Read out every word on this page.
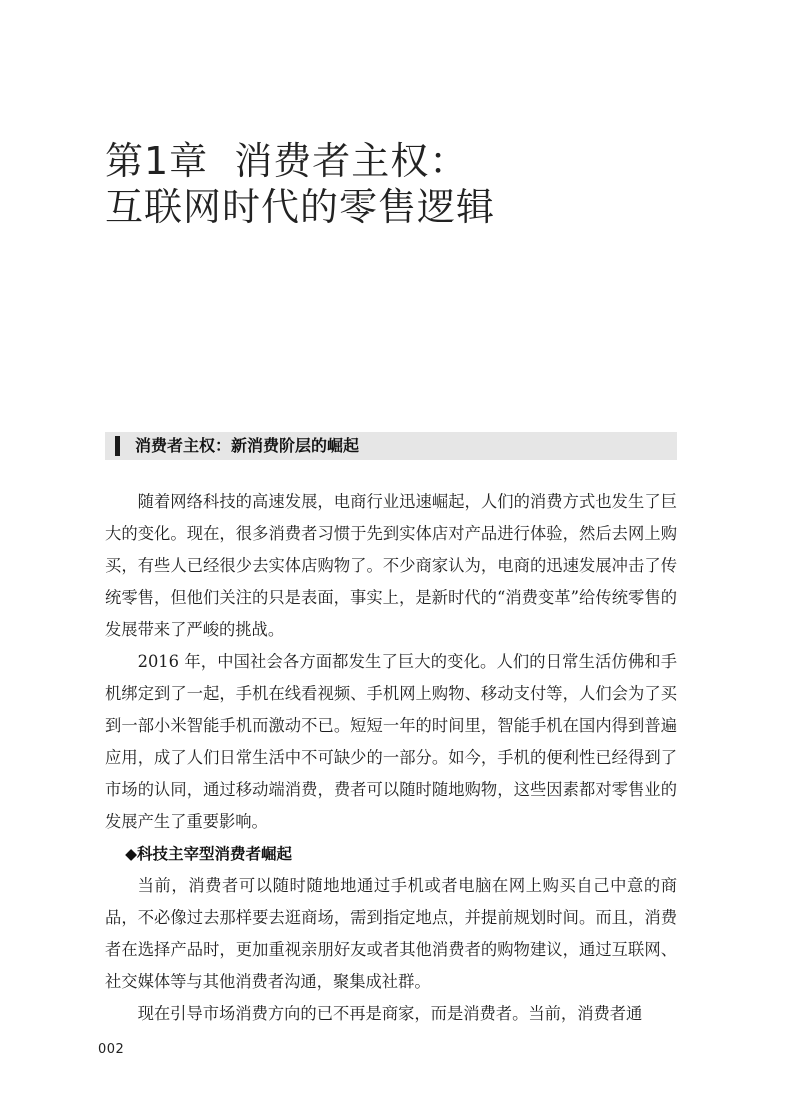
第1章 消费者主权：
互联网时代的零售逻辑
消费者主权：新消费阶层的崛起

随着网络科技的高速发展，电商行业迅速崛起，人们的消费方式也发生了巨大的变化。现在，很多消费者习惯于先到实体店对产品进行体验，然后去网上购买，有些人已经很少去实体店购物了。不少商家认为，电商的迅速发展冲击了传统零售，但他们关注的只是表面，事实上，是新时代的“消费变革”给传统零售的发展带来了严峻的挑战。

2016 年，中国社会各方面都发生了巨大的变化。人们的日常生活仿佛和手机绑定到了一起，手机在线看视频、手机网上购物、移动支付等，人们会为了买到一部小米智能手机而激动不已。短短一年的时间里，智能手机在国内得到普遍应用，成了人们日常生活中不可缺少的一部分。如今，手机的便利性已经得到了市场的认同，通过移动端消费，费者可以随时随地购物，这些因素都对零售业的发展产生了重要影响。

◆科技主宰型消费者崛起

当前，消费者可以随时随地地通过手机或者电脑在网上购买自己中意的商品，不必像过去那样要去逛商场，需到指定地点，并提前规划时间。而且，消费者在选择产品时，更加重视亲朋好友或者其他消费者的购物建议，通过互联网、社交媒体等与其他消费者沟通，聚集成社群。

现在引导市场消费方向的已不再是商家，而是消费者。当前，消费者通

002
